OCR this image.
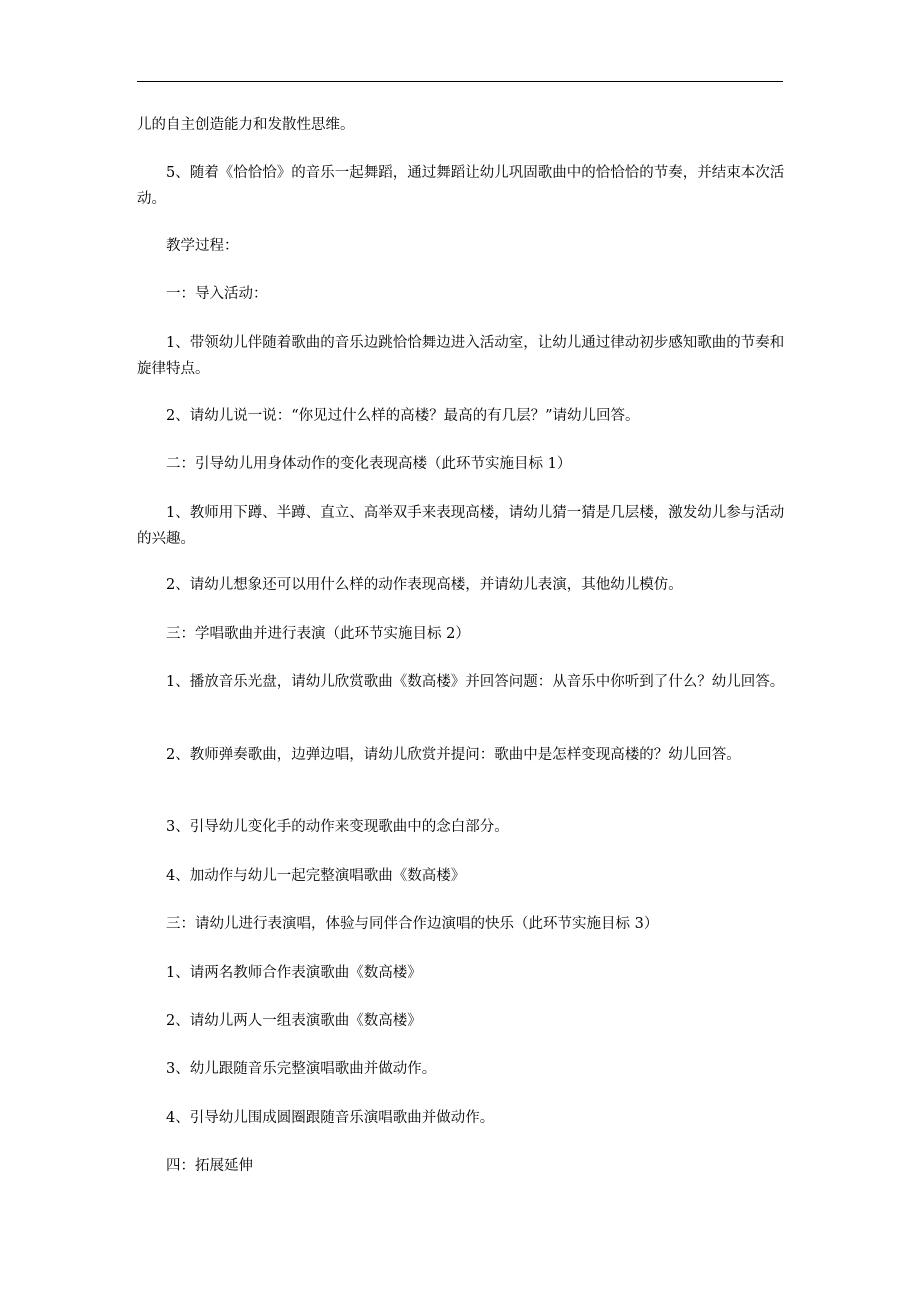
儿的自主创造能力和发散性思维。

5、随着《恰恰恰》的音乐一起舞蹈，通过舞蹈让幼儿巩固歌曲中的恰恰恰的节奏，并结束本次活动。

教学过程：

一：导入活动：

1、带领幼儿伴随着歌曲的音乐边跳恰恰舞边进入活动室，让幼儿通过律动初步感知歌曲的节奏和旋律特点。

2、请幼儿说一说：“你见过什么样的高楼？最高的有几层？”请幼儿回答。

二：引导幼儿用身体动作的变化表现高楼（此环节实施目标 1）

1、教师用下蹲、半蹲、直立、高举双手来表现高楼，请幼儿猜一猜是几层楼，激发幼儿参与活动的兴趣。

2、请幼儿想象还可以用什么样的动作表现高楼，并请幼儿表演，其他幼儿模仿。

三：学唱歌曲并进行表演（此环节实施目标 2）

1、播放音乐光盘，请幼儿欣赏歌曲《数高楼》并回答问题：从音乐中你听到了什么？幼儿回答。

2、教师弹奏歌曲，边弹边唱，请幼儿欣赏并提问：歌曲中是怎样变现高楼的？幼儿回答。

3、引导幼儿变化手的动作来变现歌曲中的念白部分。

4、加动作与幼儿一起完整演唱歌曲《数高楼》

三：请幼儿进行表演唱，体验与同伴合作边演唱的快乐（此环节实施目标 3）

1、请两名教师合作表演歌曲《数高楼》

2、请幼儿两人一组表演歌曲《数高楼》

3、幼儿跟随音乐完整演唱歌曲并做动作。

4、引导幼儿围成圆圈跟随音乐演唱歌曲并做动作。

四：拓展延伸
